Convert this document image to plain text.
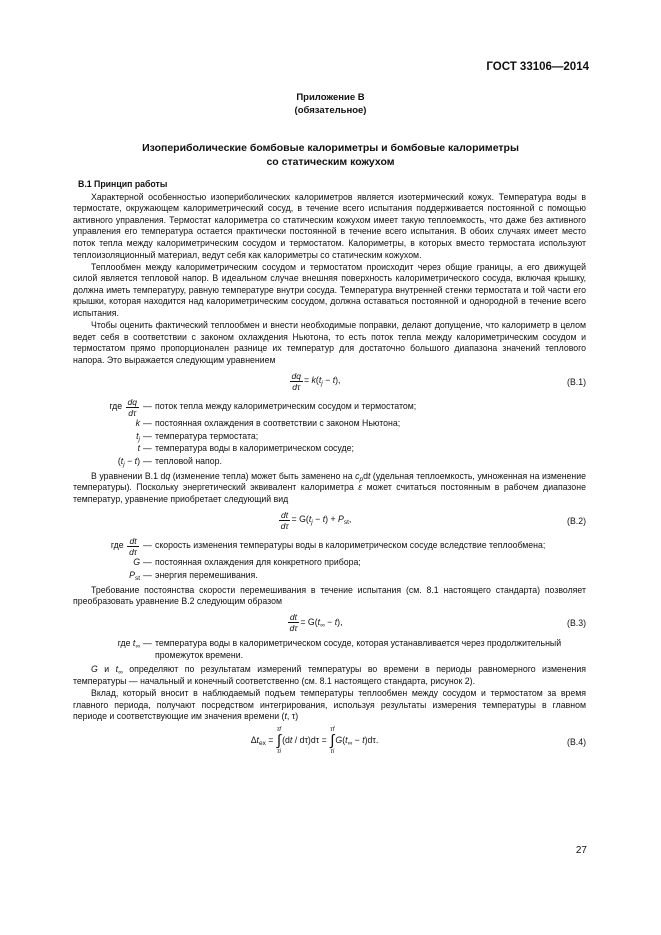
ГОСТ 33106—2014
Приложение В
(обязательное)
Изопериболические бомбовые калориметры и бомбовые калориметры
со статическим кожухом
В.1 Принцип работы

Характерной особенностью изопериболических калориметров является изотермический кожух. Температура воды в термостате, окружающем калориметрический сосуд, в течение всего испытания поддерживается постоянной с помощью активного управления. Термостат калориметра со статическим кожухом имеет такую теплоемкость, что даже без активного управления его температура остается практически постоянной в течение всего испытания. В обоих случаях имеет место поток тепла между калориметрическим сосудом и термостатом. Калориметры, в которых вместо термостата используют теплоизоляционный материал, ведут себя как калориметры со статическим кожухом.

Теплообмен между калориметрическим сосудом и термостатом происходит через общие границы, а его движущей силой является тепловой напор. В идеальном случае внешняя поверхность калориметрического сосуда, включая крышку, должна иметь температуру, равную температуре внутри сосуда. Температура внутренней стенки термостата и той части его крышки, которая находится над калориметрическим сосудом, должна оставаться постоянной и однородной в течение всего испытания.

Чтобы оценить фактический теплообмен и внести необходимые поправки, делают допущение, что калориметр в целом ведет себя в соответствии с законом охлаждения Ньютона, то есть поток тепла между калориметрическим сосудом и термостатом прямо пропорционален разнице их температур для достаточно большого диапазона значений теплового напора. Это выражается следующим уравнением

$\frac{dq}{d\tau} = k(t_j - t)$,	(B.1)
где $\frac{dq}{d\tau}$ — поток тепла между калориметрическим сосудом и термостатом;
k — постоянная охлаждения в соответствии с законом Ньютона;
$t_j$ — температура термостата;
t — температура воды в калориметрическом сосуде;
$(t_j - t)$ — тепловой напор.

В уравнении В.1 dq (изменение тепла) может быть заменено на $c_pdt$ (удельная теплоемкость, умноженная на изменение температуры). Поскольку энергетический эквивалент калориметра ε может считаться постоянным в рабочем диапазоне температур, уравнение приобретает следующий вид

$\frac{dt}{d\tau} = G(t_j - t) + P_{st}$,	(B.2)
где $\frac{dt}{d\tau}$ — скорость изменения температуры воды в калориметрическом сосуде вследствие теплообмена;
G — постоянная охлаждения для конкретного прибора;
$P_{st}$ — энергия перемешивания.

Требование постоянства скорости перемешивания в течение испытания (см. 8.1 настоящего стандарта) позволяет преобразовать уравнение В.2 следующим образом

$\frac{dt}{d\tau} = G(t_\infty - t)$,	(B.3)
где $t_\infty$ — температура воды в калориметрическом сосуде, которая устанавливается через продолжительный промежуток времени.

G и $t_\infty$ определяют по результатам измерений температуры во времени в периоды равномерного изменения температуры — начальный и конечный соответственно (см. 8.1 настоящего стандарта, рисунок 2).

Вклад, который вносит в наблюдаемый подъем температуры теплообмен между сосудом и термостатом за время главного периода, получают посредством интегрирования, используя результаты измерения температуры в главном периоде и соответствующие им значения времени (t, τ)

$\Delta t_{ex}$ =
τf
∫
τi
(dt / dτ)dτ =
τf
∫
τi
$G(t_\infty - t)d\tau$.	(B.4)
27
